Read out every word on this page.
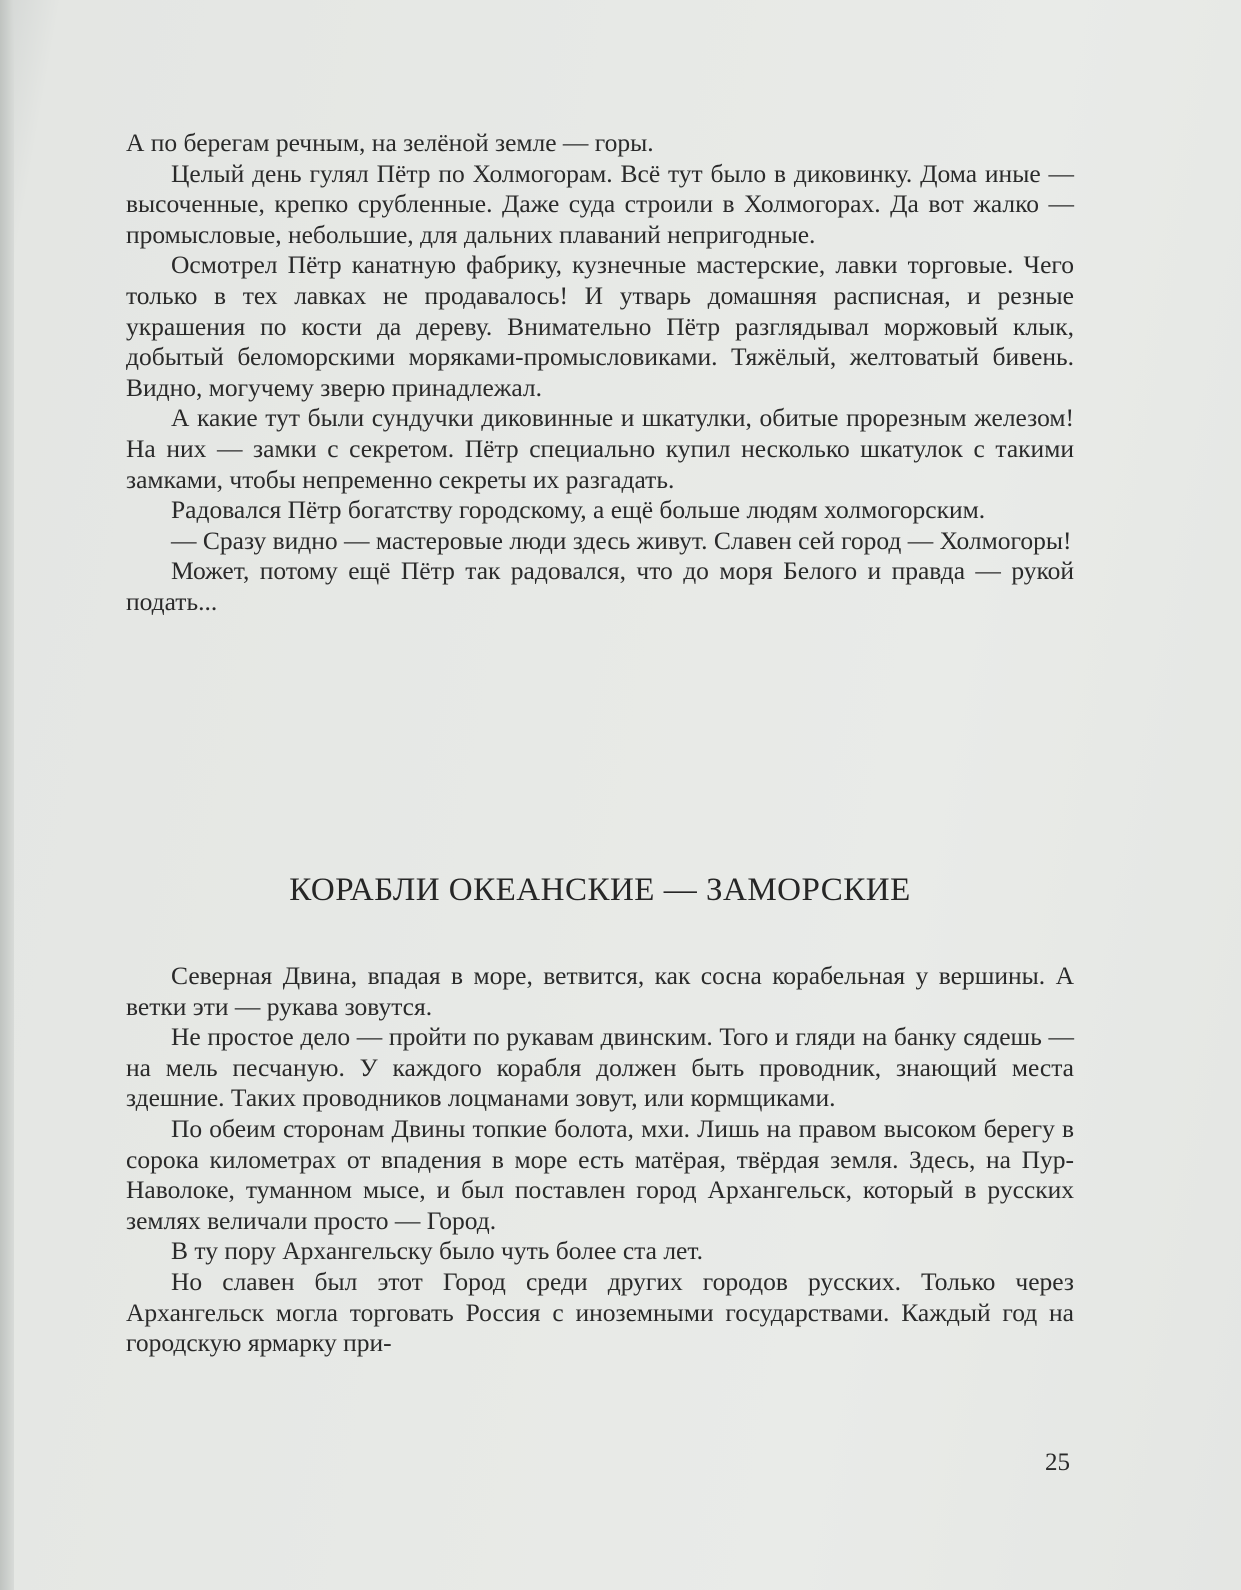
А по берегам речным, на зелёной земле — горы.

Целый день гулял Пётр по Холмогорам. Всё тут было в диковинку. Дома иные — высоченные, крепко срубленные. Даже суда строили в Холмогорах. Да вот жалко — промысловые, небольшие, для дальних плаваний непригодные.

Осмотрел Пётр канатную фабрику, кузнечные мастерские, лавки торговые. Чего только в тех лавках не продавалось! И утварь домашняя расписная, и резные украшения по кости да дереву. Внимательно Пётр разглядывал моржовый клык, добытый беломорскими моряками-промысловиками. Тяжёлый, желтоватый бивень. Видно, могучему зверю принадлежал.

А какие тут были сундучки диковинные и шкатулки, обитые прорезным железом! На них — замки с секретом. Пётр специально купил несколько шкатулок с такими замками, чтобы непременно секреты их разгадать.

Радовался Пётр богатству городскому, а ещё больше людям холмогорским.

— Сразу видно — мастеровые люди здесь живут. Славен сей город — Холмогоры!

Может, потому ещё Пётр так радовался, что до моря Белого и правда — рукой подать...

КОРАБЛИ ОКЕАНСКИЕ — ЗАМОРСКИЕ

Северная Двина, впадая в море, ветвится, как сосна корабельная у вершины. А ветки эти — рукава зовутся.

Не простое дело — пройти по рукавам двинским. Того и гляди на банку сядешь — на мель песчаную. У каждого корабля должен быть проводник, знающий места здешние. Таких проводников лоцманами зовут, или кормщиками.

По обеим сторонам Двины топкие болота, мхи. Лишь на правом высоком берегу в сорока километрах от впадения в море есть матёрая, твёрдая земля. Здесь, на Пур-Наволоке, туманном мысе, и был поставлен город Архангельск, который в русских землях величали просто — Город.

В ту пору Архангельску было чуть более ста лет.

Но славен был этот Город среди других городов русских. Только через Архангельск могла торговать Россия с иноземными государствами. Каждый год на городскую ярмарку при-

25
